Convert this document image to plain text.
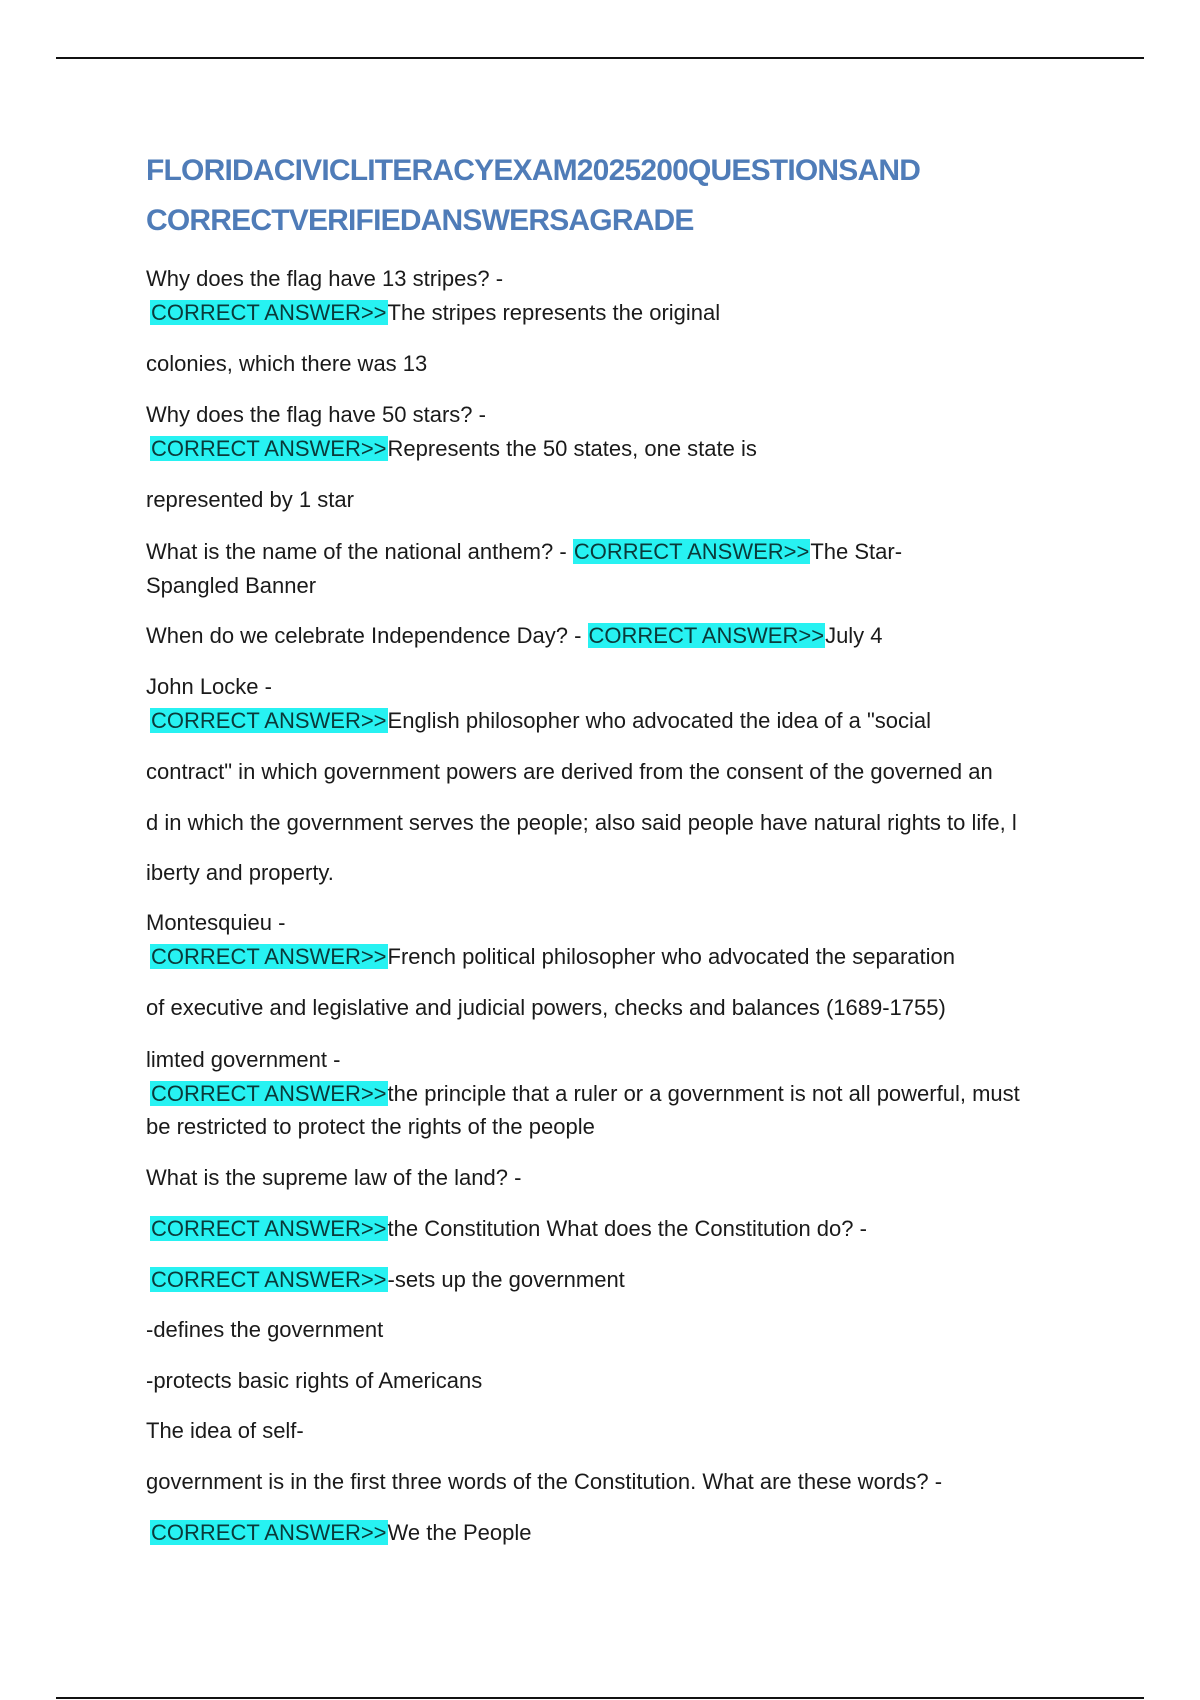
FLORIDACIVICLITERACYEXAM2025200QUESTIONSAND
CORRECTVERIFIEDANSWERSAGRADE
Why does the flag have 13 stripes? -
CORRECT ANSWER>>The stripes represents the original
colonies, which there was 13
Why does the flag have 50 stars? -
CORRECT ANSWER>>Represents the 50 states, one state is
represented by 1 star
What is the name of the national anthem? - CORRECT ANSWER>>The Star-
Spangled Banner
When do we celebrate Independence Day? - CORRECT ANSWER>>July 4
John Locke -
CORRECT ANSWER>>English philosopher who advocated the idea of a "social
contract" in which government powers are derived from the consent of the governed an
d in which the government serves the people; also said people have natural rights to life, l
iberty and property.
Montesquieu -
CORRECT ANSWER>>French political philosopher who advocated the separation
of executive and legislative and judicial powers, checks and balances (1689-1755)
limted government -
CORRECT ANSWER>>the principle that a ruler or a government is not all powerful, must
be restricted to protect the rights of the people
What is the supreme law of the land? -
CORRECT ANSWER>>the Constitution What does the Constitution do? -
CORRECT ANSWER>>-sets up the government
-defines the government
-protects basic rights of Americans
The idea of self-
government is in the first three words of the Constitution. What are these words? -
CORRECT ANSWER>>We the People
